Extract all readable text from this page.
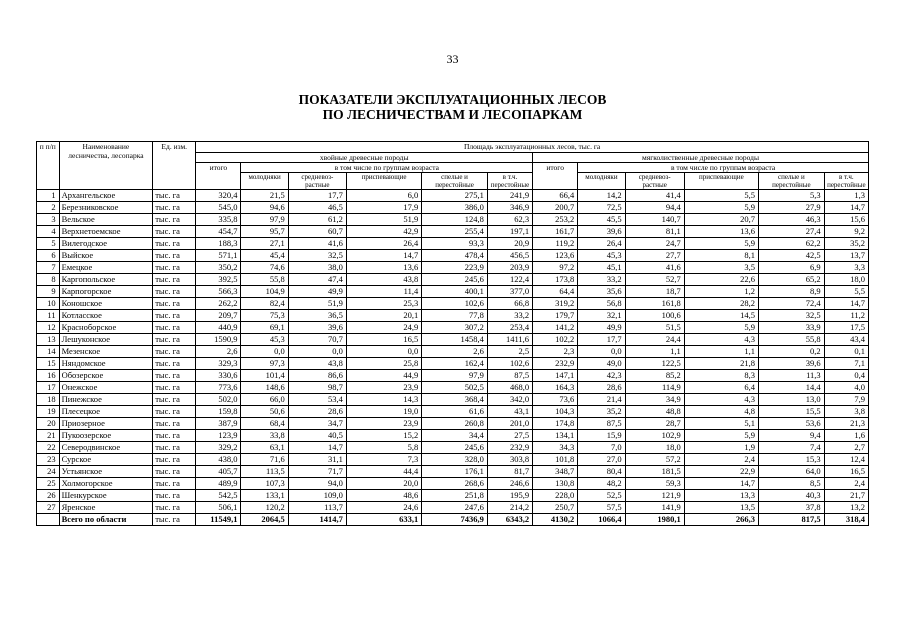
33
ПОКАЗАТЕЛИ ЭКСПЛУАТАЦИОННЫХ ЛЕСОВ
ПО ЛЕСНИЧЕСТВАМ И ЛЕСОПАРКАМ
п п/п	Наименование лесничества, лесопарка	Ед. изм.	Площадь эксплуатационных лесов, тыс. га											
			хвойные древесные породы						мягколиственные древесные породы					
			итого	в том числе по группам возраста					итого	в том числе по группам возраста				
				молодняки	средневоз-растные	приспевающие	спелые и перестойные	в т.ч. перестойные		молодняки	средневоз-растные	приспевающие	спелые и перестойные	в т.ч. перестойные
1	Архангельское	тыс. га	320,4	21,5	17,7	6,0	275,1	241,9	66,4	14,2	41,4	5,5	5,3	1,3
2	Березниковское	тыс. га	545,0	94,6	46,5	17,9	386,0	346,9	200,7	72,5	94,4	5,9	27,9	14,7
3	Вельское	тыс. га	335,8	97,9	61,2	51,9	124,8	62,3	253,2	45,5	140,7	20,7	46,3	15,6
4	Верхнетоемское	тыс. га	454,7	95,7	60,7	42,9	255,4	197,1	161,7	39,6	81,1	13,6	27,4	9,2
5	Вилегодское	тыс. га	188,3	27,1	41,6	26,4	93,3	20,9	119,2	26,4	24,7	5,9	62,2	35,2
6	Выйское	тыс. га	571,1	45,4	32,5	14,7	478,4	456,5	123,6	45,3	27,7	8,1	42,5	13,7
7	Емецкое	тыс. га	350,2	74,6	38,0	13,6	223,9	203,9	97,2	45,1	41,6	3,5	6,9	3,3
8	Каргопольское	тыс. га	392,5	55,8	47,4	43,8	245,6	122,4	173,8	33,2	52,7	22,6	65,2	18,0
9	Карпогорское	тыс. га	566,3	104,9	49,9	11,4	400,1	377,0	64,4	35,6	18,7	1,2	8,9	5,5
10	Коношское	тыс. га	262,2	82,4	51,9	25,3	102,6	66,8	319,2	56,8	161,8	28,2	72,4	14,7
11	Котласское	тыс. га	209,7	75,3	36,5	20,1	77,8	33,2	179,7	32,1	100,6	14,5	32,5	11,2
12	Красноборское	тыс. га	440,9	69,1	39,6	24,9	307,2	253,4	141,2	49,9	51,5	5,9	33,9	17,5
13	Лешуконское	тыс. га	1590,9	45,3	70,7	16,5	1458,4	1411,6	102,2	17,7	24,4	4,3	55,8	43,4
14	Мезенское	тыс. га	2,6	0,0	0,0	0,0	2,6	2,5	2,3	0,0	1,1	1,1	0,2	0,1
15	Няндомское	тыс. га	329,3	97,3	43,8	25,8	162,4	102,6	232,9	49,0	122,5	21,8	39,6	7,1
16	Обозерское	тыс. га	330,6	101,4	86,6	44,9	97,9	87,5	147,1	42,3	85,2	8,3	11,3	0,4
17	Онежское	тыс. га	773,6	148,6	98,7	23,9	502,5	468,0	164,3	28,6	114,9	6,4	14,4	4,0
18	Пинежское	тыс. га	502,0	66,0	53,4	14,3	368,4	342,0	73,6	21,4	34,9	4,3	13,0	7,9
19	Плесецкое	тыс. га	159,8	50,6	28,6	19,0	61,6	43,1	104,3	35,2	48,8	4,8	15,5	3,8
20	Приозерное	тыс. га	387,9	68,4	34,7	23,9	260,8	201,0	174,8	87,5	28,7	5,1	53,6	21,3
21	Пукоозерское	тыс. га	123,9	33,8	40,5	15,2	34,4	27,5	134,1	15,9	102,9	5,9	9,4	1,6
22	Северодвинское	тыс. га	329,2	63,1	14,7	5,8	245,6	232,9	34,3	7,0	18,0	1,9	7,4	2,7
23	Сурское	тыс. га	438,0	71,6	31,1	7,3	328,0	303,8	101,8	27,0	57,2	2,4	15,3	12,4
24	Устьянское	тыс. га	405,7	113,5	71,7	44,4	176,1	81,7	348,7	80,4	181,5	22,9	64,0	16,5
25	Холмогорское	тыс. га	489,9	107,3	94,0	20,0	268,6	246,6	130,8	48,2	59,3	14,7	8,5	2,4
26	Шенкурское	тыс. га	542,5	133,1	109,0	48,6	251,8	195,9	228,0	52,5	121,9	13,3	40,3	21,7
27	Яренское	тыс. га	506,1	120,2	113,7	24,6	247,6	214,2	250,7	57,5	141,9	13,5	37,8	13,2
	Всего по области	тыс. га	11549,1	2064,5	1414,7	633,1	7436,9	6343,2	4130,2	1066,4	1980,1	266,3	817,5	318,4
